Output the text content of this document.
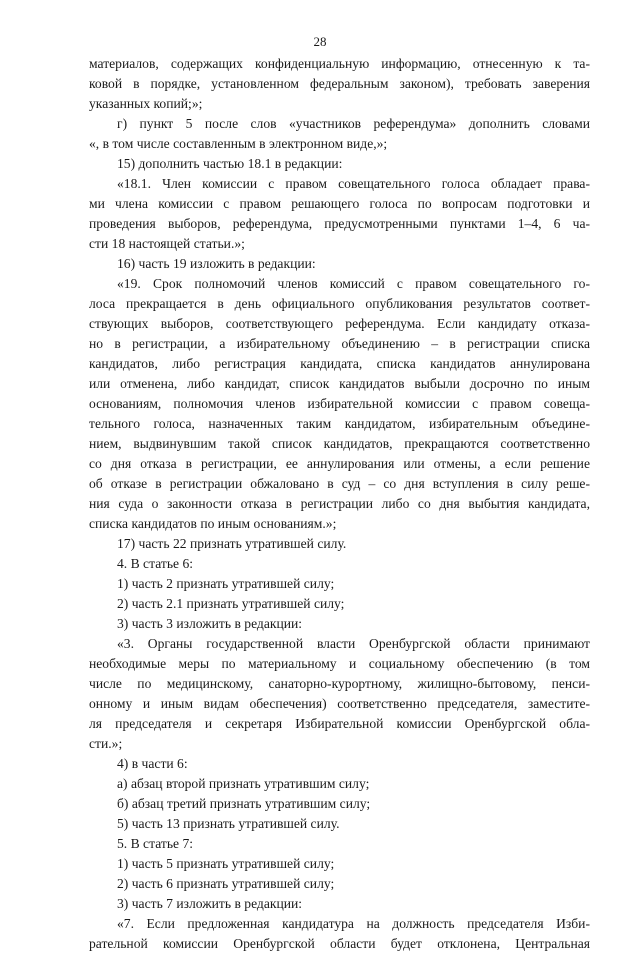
28
материалов, содержащих конфиденциальную информацию, отнесенную к та-
ковой в порядке, установленном федеральным законом), требовать заверения
указанных копий;»;
г) пункт 5 после слов «участников референдума» дополнить словами
«, в том числе составленным в электронном виде,»;
15) дополнить частью 18.1 в редакции:
«18.1. Член комиссии с правом совещательного голоса обладает права-
ми члена комиссии с правом решающего голоса по вопросам подготовки и
проведения выборов, референдума, предусмотренными пунктами 1–4, 6 ча-
сти 18 настоящей статьи.»;
16) часть 19 изложить в редакции:
«19. Срок полномочий членов комиссий с правом совещательного го-
лоса прекращается в день официального опубликования результатов соответ-
ствующих выборов, соответствующего референдума. Если кандидату отказа-
но в регистрации, а избирательному объединению – в регистрации списка
кандидатов, либо регистрация кандидата, списка кандидатов аннулирована
или отменена, либо кандидат, список кандидатов выбыли досрочно по иным
основаниям, полномочия членов избирательной комиссии с правом совеща-
тельного голоса, назначенных таким кандидатом, избирательным объедине-
нием, выдвинувшим такой список кандидатов, прекращаются соответственно
со дня отказа в регистрации, ее аннулирования или отмены, а если решение
об отказе в регистрации обжаловано в суд – со дня вступления в силу реше-
ния суда о законности отказа в регистрации либо со дня выбытия кандидата,
списка кандидатов по иным основаниям.»;
17) часть 22 признать утратившей силу.
4. В статье 6:
1) часть 2 признать утратившей силу;
2) часть 2.1 признать утратившей силу;
3) часть 3 изложить в редакции:
«3. Органы государственной власти Оренбургской области принимают
необходимые меры по материальному и социальному обеспечению (в том
числе по медицинскому, санаторно-курортному, жилищно-бытовому, пенси-
онному и иным видам обеспечения) соответственно председателя, заместите-
ля председателя и секретаря Избирательной комиссии Оренбургской обла-
сти.»;
4) в части 6:
а) абзац второй признать утратившим силу;
б) абзац третий признать утратившим силу;
5) часть 13 признать утратившей силу.
5. В статье 7:
1) часть 5 признать утратившей силу;
2) часть 6 признать утратившей силу;
3) часть 7 изложить в редакции:
«7. Если предложенная кандидатура на должность председателя Изби-
рательной комиссии Оренбургской области будет отклонена, Центральная
